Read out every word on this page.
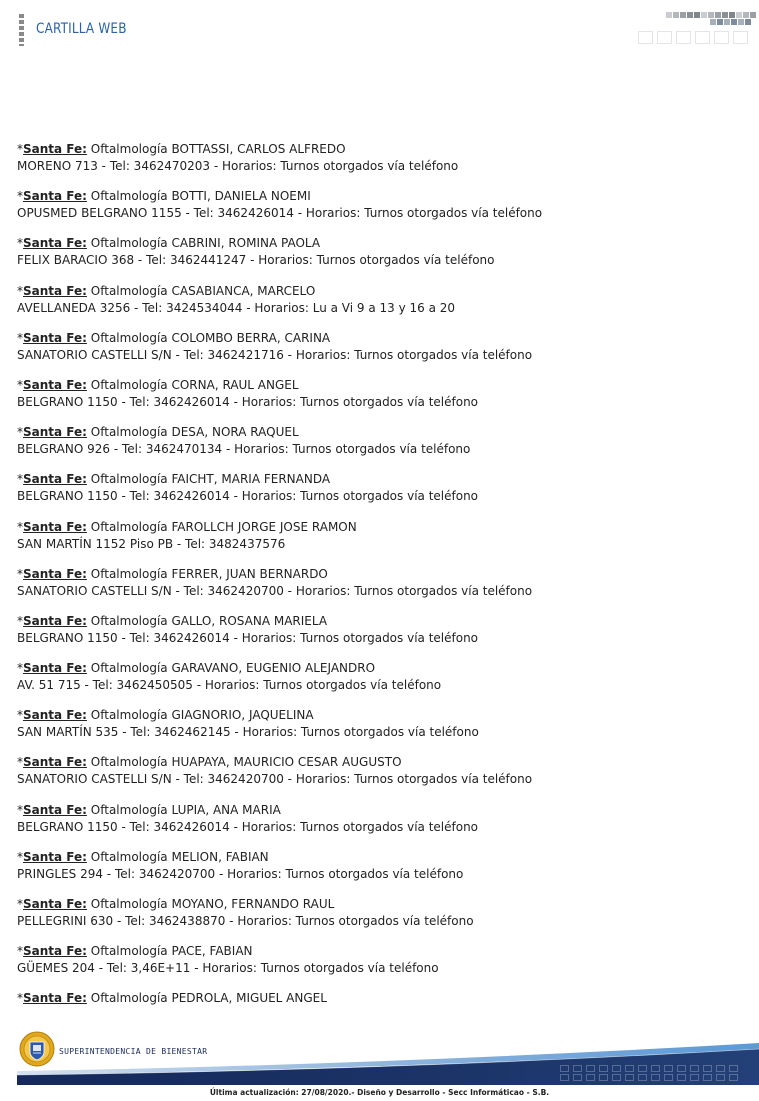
CARTILLA WEB
*Santa Fe: Oftalmología BOTTASSI, CARLOS ALFREDO
MORENO 713 - Tel: 3462470203 - Horarios: Turnos otorgados vía teléfono
*Santa Fe: Oftalmología BOTTI, DANIELA NOEMI
OPUSMED BELGRANO 1155 - Tel: 3462426014 - Horarios: Turnos otorgados vía teléfono
*Santa Fe: Oftalmología CABRINI, ROMINA PAOLA
FELIX BARACIO 368 - Tel: 3462441247 - Horarios: Turnos otorgados vía teléfono
*Santa Fe: Oftalmología CASABIANCA, MARCELO
AVELLANEDA 3256 - Tel: 3424534044 - Horarios: Lu a Vi 9 a 13 y 16 a 20
*Santa Fe: Oftalmología COLOMBO BERRA, CARINA
SANATORIO CASTELLI S/N - Tel: 3462421716 - Horarios: Turnos otorgados vía teléfono
*Santa Fe: Oftalmología CORNA, RAUL ANGEL
BELGRANO 1150 - Tel: 3462426014 - Horarios: Turnos otorgados vía teléfono
*Santa Fe: Oftalmología DESA, NORA RAQUEL
BELGRANO 926 - Tel: 3462470134 - Horarios: Turnos otorgados vía teléfono
*Santa Fe: Oftalmología FAICHT, MARIA FERNANDA
BELGRANO 1150 - Tel: 3462426014 - Horarios: Turnos otorgados vía teléfono
*Santa Fe: Oftalmología FAROLLCH JORGE JOSE RAMON
SAN MARTÍN 1152 Piso PB - Tel: 3482437576
*Santa Fe: Oftalmología FERRER, JUAN BERNARDO
SANATORIO CASTELLI S/N - Tel: 3462420700 - Horarios: Turnos otorgados vía teléfono
*Santa Fe: Oftalmología GALLO, ROSANA MARIELA
BELGRANO 1150 - Tel: 3462426014 - Horarios: Turnos otorgados vía teléfono
*Santa Fe: Oftalmología GARAVANO, EUGENIO ALEJANDRO
AV. 51 715 - Tel: 3462450505 - Horarios: Turnos otorgados vía teléfono
*Santa Fe: Oftalmología GIAGNORIO, JAQUELINA
SAN MARTÍN 535 - Tel: 3462462145 - Horarios: Turnos otorgados vía teléfono
*Santa Fe: Oftalmología HUAPAYA, MAURICIO CESAR AUGUSTO
SANATORIO CASTELLI S/N - Tel: 3462420700 - Horarios: Turnos otorgados vía teléfono
*Santa Fe: Oftalmología LUPIA, ANA MARIA
BELGRANO 1150 - Tel: 3462426014 - Horarios: Turnos otorgados vía teléfono
*Santa Fe: Oftalmología MELION, FABIAN
PRINGLES 294 - Tel: 3462420700 - Horarios: Turnos otorgados vía teléfono
*Santa Fe: Oftalmología MOYANO, FERNANDO RAUL
PELLEGRINI 630 - Tel: 3462438870 - Horarios: Turnos otorgados vía teléfono
*Santa Fe: Oftalmología PACE, FABIAN
GÜEMES 204 - Tel: 3,46E+11 - Horarios: Turnos otorgados vía teléfono
*Santa Fe: Oftalmología PEDROLA, MIGUEL ANGEL
SUPERINTENDENCIA DE BIENESTAR
Última actualización: 27/08/2020.- Diseño y Desarrollo - Secc Informáticao - S.B.
